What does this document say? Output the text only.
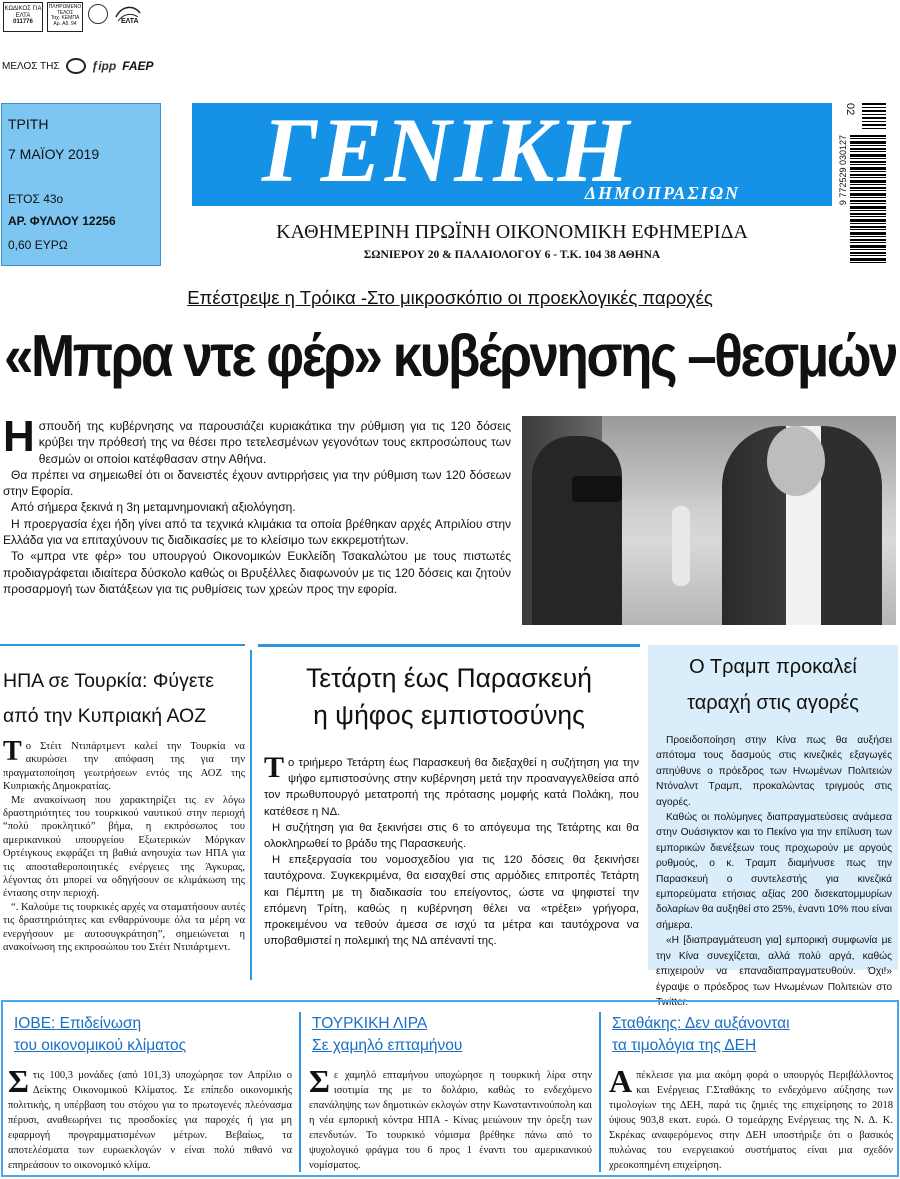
ΚΩΔΙΚΟΣ ΓΙΑ ΕΛΤΑ
011776
ΠΛΗΡΩΜΕΝΟ ΤΕΛΟΣ
Ταχ. ΚΕΜΠΑ
Αρ. Αδ. 94	ΕΛΤΑ
ΜΕΛΟΣ ΤΗΣ	ƒipp FAEP
ΤΡΙΤΗ
7 ΜΑΪΟΥ 2019
ΕΤΟΣ 43ο
ΑΡ. ΦΥΛΛΟΥ 12256
0,60 ΕΥΡΩ
ΓΕΝΙΚΗ
ΔΗΜΟΠΡΑΣΙΩΝ
ΚΑΘΗΜΕΡΙΝΗ ΠΡΩΪΝΗ ΟΙΚΟΝΟΜΙΚΗ ΕΦΗΜΕΡΙΔΑ
ΣΩΝΙΕΡΟΥ 20 & ΠΑΛΑΙΟΛΟΓΟΥ 6 - Τ.Κ. 104 38 ΑΘΗΝΑ
02
9 772529 030127
Επέστρεψε η Τρόικα -Στο μικροσκόπιο οι προεκλογικές παροχές
«Μπρα ντε φέρ» κυβέρνησης –θεσμών

Ησπουδή της κυβέρνησης να παρουσιάζει κυριακάτικα την ρύθμιση για τις 120 δόσεις κρύβει την πρόθεσή της να θέσει προ τετελεσμένων γεγονότων τους εκπροσώπους των θεσμών οι οποίοι κατέφθασαν στην Αθήνα.

Θα πρέπει να σημειωθεί ότι οι δανειστές έχουν αντιρρήσεις για την ρύθμιση των 120 δόσεων στην Εφορία.

Από σήμερα ξεκινά η 3η μεταμνημονιακή αξιολόγηση.

Η προεργασία έχει ήδη γίνει από τα τεχνικά κλιμάκια τα οποία βρέθηκαν αρχές Απριλίου στην Ελλάδα για να επιταχύνουν τις διαδικασίες με το κλείσιμο των εκκρεμοτήτων.

Το «μπρα ντε φέρ» του υπουργού Οικονομικών Ευκλείδη Τσακαλώτου με τους πιστωτές προδιαγράφεται ιδιαίτερα δύσκολο καθώς οι Βρυξέλλες διαφωνούν με τις 120 δόσεις και ζητούν προσαρμογή των διατάξεων για τις ρυθμίσεις των χρεών προς την εφορία.

ΗΠΑ σε Τουρκία: Φύγετε
από την Κυπριακή ΑΟΖ

Το Στέιτ Ντιπάρτμεντ καλεί την Τουρκία να ακυρώσει την απόφαση της για την πραγματοποίηση γεωτρήσεων εντός της ΑΟΖ της Κυπριακής Δημοκρατίας.

Με ανακοίνωση που χαρακτηρίζει τις εν λόγω δραστηριότητες του τουρκικού ναυτικού στην περιοχή “πολύ προκλητικό” βήμα, η εκπρόσωπος του αμερικανικού υπουργείου Εξωτερικών Μόργκαν Ορτέιγκους εκφράζει τη βαθιά ανησυχία των ΗΠΑ για τις αποσταθεροποιητικές ενέργειες της Άγκυρας, λέγοντας ότι μπορεί να οδηγήσουν σε κλιμάκωση της έντασης στην περιοχή.

“. Καλούμε τις τουρκικές αρχές να σταματήσουν αυτές τις δραστηριότητες και ενθαρρύνουμε όλα τα μέρη να ενεργήσουν με αυτοσυγκράτηση”, σημειώνεται η ανακοίνωση της εκπροσώπου του Στέιτ Ντιπάρτμεντ.

Τετάρτη έως Παρασκευή
η ψήφος εμπιστοσύνης

Το τριήμερο Τετάρτη έως Παρασκευή θα διεξαχθεί η συζήτηση για την ψήφο εμπιστοσύνης στην κυβέρνηση μετά την προαναγγελθείσα από τον πρωθυπουργό μετατροπή της πρότασης μομφής κατά Πολάκη, που κατέθεσε η ΝΔ.

Η συζήτηση για θα ξεκινήσει στις 6 το απόγευμα της Τετάρτης και θα ολοκληρωθεί το βράδυ της Παρασκευής.

Η επεξεργασία του νομοσχεδίου για τις 120 δόσεις θα ξεκινήσει ταυτόχρονα. Συγκεκριμένα, θα εισαχθεί στις αρμόδιες επιτροπές Τετάρτη και Πέμπτη με τη διαδικασία του επείγοντος, ώστε να ψηφιστεί την επόμενη Τρίτη, καθώς η κυβέρνηση θέλει να «τρέξει» γρήγορα, προκειμένου να τεθούν άμεσα σε ισχύ τα μέτρα και ταυτόχρονα να υποβαθμιστεί η πολεμική της ΝΔ απέναντί της.

Ο Τραμπ προκαλεί
ταραχή στις αγορές

Προειδοποίηση στην Κίνα πως θα αυξήσει απότομα τους δασμούς στις κινεζικές εξαγωγές απηύθυνε ο πρόεδρος των Ηνωμένων Πολιτειών Ντόναλντ Τραμπ, προκαλώντας τριγμούς στις αγορές.

Καθώς οι πολύμηνες διαπραγματεύσεις ανάμεσα στην Ουάσιγκτον και το Πεκίνο για την επίλυση των εμπορικών διενέξεων τους προχωρούν με αργούς ρυθμούς, ο κ. Τραμπ διαμήνυσε πως την Παρασκευή ο συντελεστής για κινεζικά εμπορεύματα ετήσιας αξίας 200 δισεκατομμυρίων δολαρίων θα αυξηθεί στο 25%, έναντι 10% που είναι σήμερα.

«Η [διαπραγμάτευση για] εμπορική συμφωνία με την Κίνα συνεχίζεται, αλλά πολύ αργά, καθώς επιχειρούν να επαναδιαπραγματευθούν. Όχι!» έγραψε ο πρόεδρος των Ηνωμένων Πολιτειών στο Twitter.

ΙΟΒΕ: Επιδείνωση
του οικονομικού κλίματος

Στις 100,3 μονάδες (από 101,3) υποχώρησε τον Απρίλιο ο Δείκτης Οικονομικού Κλίματος. Σε επίπεδο οικονομικής πολιτικής, η υπέρβαση του στόχου για το πρωτογενές πλεόνασμα πέρυσι, αναθεωρήνει τις προσδοκίες για παροχές ή για μη εφαρμογή προγραμματισμένων μέτρων. Βεβαίως, τα αποτελέσματα των ευρωεκλογών ν είναι πολύ πιθανό να επηρεάσουν το οικονομικό κλίμα.

ΤΟΥΡΚΙΚΗ ΛΙΡΑ
Σε χαμηλό επταμήνου

Σε χαμηλό επταμήνου υποχώρησε η τουρκική λίρα στην ισοτιμία της με το δολάριο, καθώς το ενδεχόμενο επανάληψης των δημοτικών εκλογών στην Κωνσταντινούπολη και η νέα εμπορική κόντρα ΗΠΑ - Κίνας μειώνουν την όρεξη των επενδυτών. Το τουρκικό νόμισμα βρέθηκε πάνω από το ψυχολογικό φράγμα του 6 προς 1 έναντι του αμερικανικού νομίσματος.

Σταθάκης: Δεν αυξάνονται
τα τιμολόγια της ΔΕΗ

Απέκλεισε για μια ακόμη φορά ο υπουργός Περιβάλλοντος και Ενέργειας Γ.Σταθάκης το ενδεχόμενο αύξησης των τιμολογίων της ΔΕΗ, παρά τις ζημιές της επιχείρησης το 2018 ύψους 903,8 εκατ. ευρώ. Ο τομεάρχης Ενέργειας της Ν. Δ. Κ. Σκρέκας αναφερόμενος στην ΔΕΗ υποστήριξε ότι ο βασικός πυλώνας του ενεργειακού συστήματος είναι μια σχεδόν χρεοκοπημένη επιχείρηση.
